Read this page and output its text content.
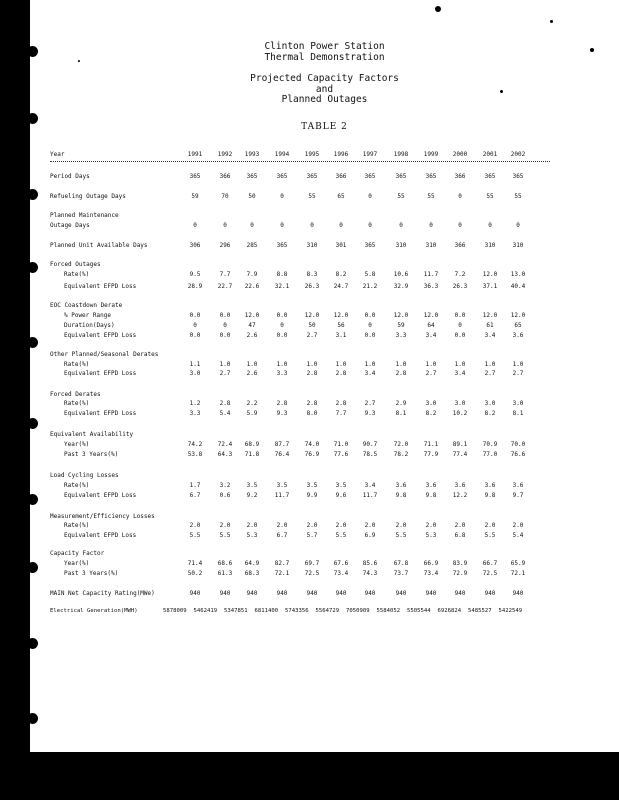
Clinton Power Station
Thermal Demonstration
Projected Capacity Factors
and
Planned Outages
TABLE 2
Year	1991	1992	1993	1994	1995	1996	1997	1998	1999	2000	2001	2002
Period Days	365	366	365	365	365	366	365	365	365	366	365	365
Refueling Outage Days	59	70	50	0	55	65	0	55	55	0	55	55
Planned Maintenance
Outage Days	0	0	0	0	0	0	0	0	0	0	0	0
Planned Unit Available Days	306	296	285	365	310	301	365	310	310	366	310	310
Forced Outages
Rate(%)	9.5	7.7	7.9	8.8	8.3	8.2	5.8	10.6	11.7	7.2	12.0	13.0
Equivalent EFPD Loss	28.9	22.7	22.6	32.1	26.3	24.7	21.2	32.9	36.3	26.3	37.1	40.4
EOC Coastdown Derate
% Power Range	0.0	0.0	12.0	0.0	12.0	12.0	0.0	12.0	12.0	0.0	12.0	12.0
Duration(Days)	0	0	47	0	50	56	0	59	64	0	61	65
Equivalent EFPD Loss	0.0	0.0	2.6	0.0	2.7	3.1	0.0	3.3	3.4	0.0	3.4	3.6
Other Planned/Seasonal Derates
Rate(%)	1.1	1.0	1.0	1.0	1.0	1.0	1.0	1.0	1.0	1.0	1.0	1.0
Equivalent EFPD Loss	3.0	2.7	2.6	3.3	2.8	2.8	3.4	2.8	2.7	3.4	2.7	2.7
Forced Derates
Rate(%)	1.2	2.8	2.2	2.8	2.8	2.8	2.7	2.9	3.0	3.0	3.0	3.0
Equivalent EFPD Loss	3.3	5.4	5.9	9.3	8.0	7.7	9.3	8.1	8.2	10.2	8.2	8.1
Equivalent Availability
Year(%)	74.2	72.4	68.9	87.7	74.0	71.0	90.7	72.0	71.1	89.1	70.9	70.0
Past 3 Years(%)	53.8	64.3	71.8	76.4	76.9	77.6	78.5	78.2	77.9	77.4	77.0	76.6
Load Cycling Losses
Rate(%)	1.7	3.2	3.5	3.5	3.5	3.5	3.4	3.6	3.6	3.6	3.6	3.6
Equivalent EFPD Loss	6.7	0.6	9.2	11.7	9.9	9.6	11.7	9.8	9.8	12.2	9.8	9.7
Measurement/Efficiency Losses
Rate(%)	2.0	2.0	2.0	2.0	2.0	2.0	2.0	2.0	2.0	2.0	2.0	2.0
Equivalent EFPD Loss	5.5	5.5	5.3	6.7	5.7	5.5	6.9	5.5	5.3	6.8	5.5	5.4
Capacity Factor
Year(%)	71.4	68.6	64.9	82.7	69.7	67.6	85.6	67.8	66.9	83.9	66.7	65.9
Past 3 Years(%)	50.2	61.3	68.3	72.1	72.5	73.4	74.3	73.7	73.4	72.9	72.5	72.1
MAIN Net Capacity Rating(MWe)	940	940	940	940	940	940	940	940	940	940	940	940
Electrical Generation(MWH)	5878009 5462419 5347851 6811400 5743356 5564729 7050909 5584052 5505544 6926824 5485527 5422549
